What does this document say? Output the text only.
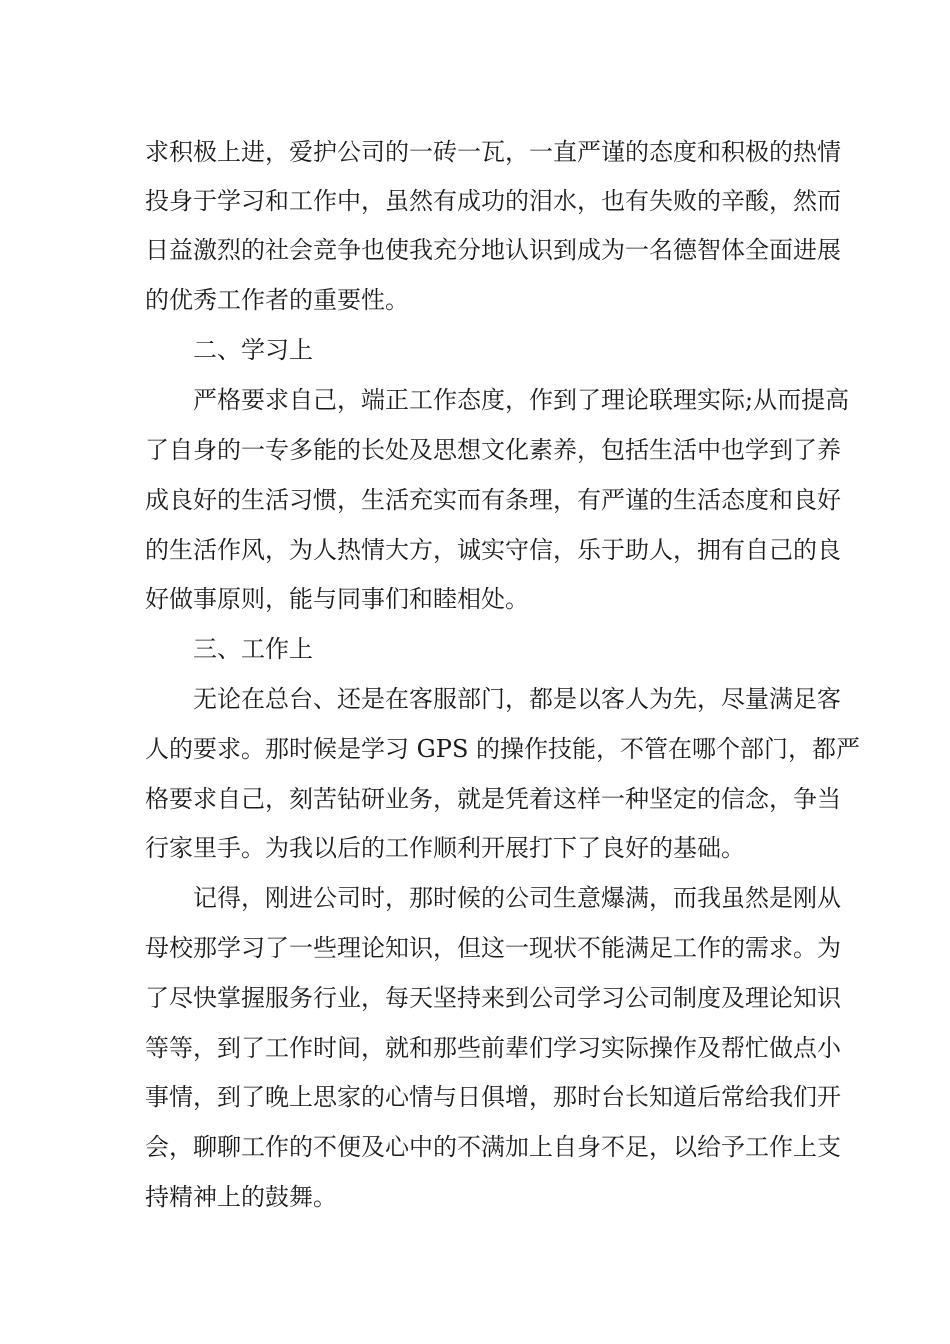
求积极上进，爱护公司的一砖一瓦，一直严谨的态度和积极的热情
投身于学习和工作中，虽然有成功的泪水，也有失败的辛酸，然而
日益激烈的社会竞争也使我充分地认识到成为一名德智体全面进展
的优秀工作者的重要性。
二、学习上
严格要求自己，端正工作态度，作到了理论联理实际;从而提高
了自身的一专多能的长处及思想文化素养，包括生活中也学到了养
成良好的生活习惯，生活充实而有条理，有严谨的生活态度和良好
的生活作风，为人热情大方，诚实守信，乐于助人，拥有自己的良
好做事原则，能与同事们和睦相处。
三、工作上
无论在总台、还是在客服部门，都是以客人为先，尽量满足客
人的要求。那时候是学习 GPS 的操作技能，不管在哪个部门，都严
格要求自己，刻苦钻研业务，就是凭着这样一种坚定的信念，争当
行家里手。为我以后的工作顺利开展打下了良好的基础。
记得，刚进公司时，那时候的公司生意爆满，而我虽然是刚从
母校那学习了一些理论知识，但这一现状不能满足工作的需求。为
了尽快掌握服务行业，每天坚持来到公司学习公司制度及理论知识
等等，到了工作时间，就和那些前辈们学习实际操作及帮忙做点小
事情，到了晚上思家的心情与日俱增，那时台长知道后常给我们开
会，聊聊工作的不便及心中的不满加上自身不足，以给予工作上支
持精神上的鼓舞。
